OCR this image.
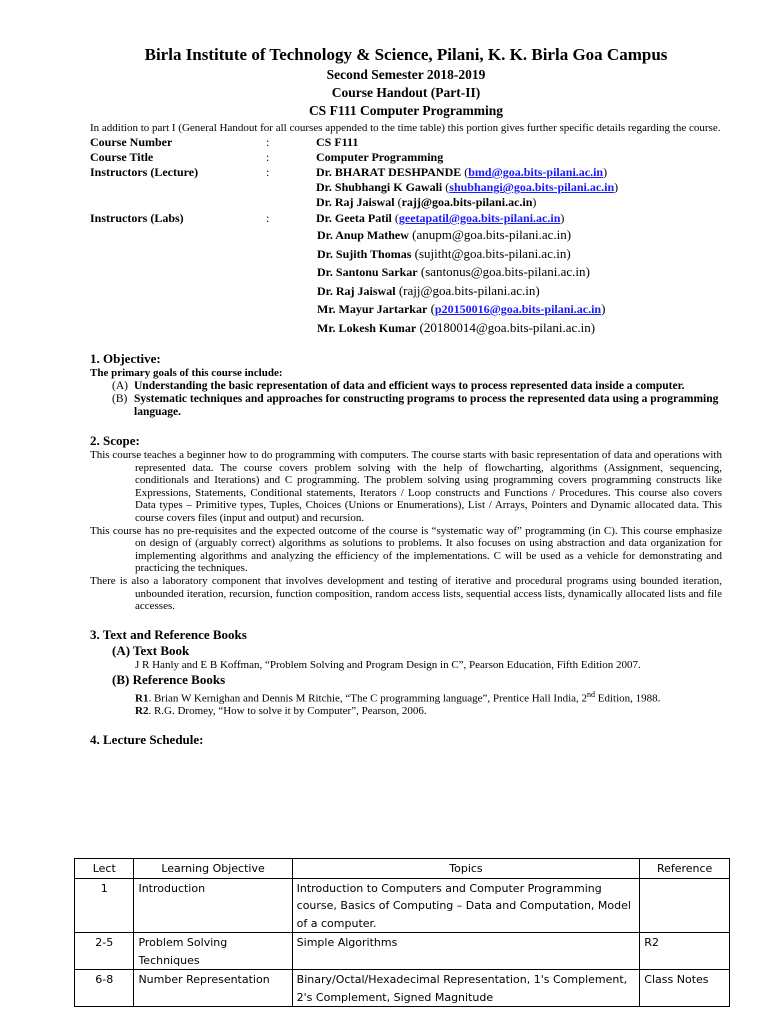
Birla Institute of Technology & Science, Pilani, K. K. Birla Goa Campus
Second Semester 2018-2019
Course Handout (Part-II)
CS F111 Computer Programming

In addition to part I (General Handout for all courses appended to the time table) this portion gives further specific details regarding the course.

Course Number	:	CS F111
Course Title	:	Computer Programming
Instructors (Lecture)	:	Dr. BHARAT DESHPANDE (bmd@goa.bits-pilani.ac.in)
Dr. Shubhangi K Gawali (shubhangi@goa.bits-pilani.ac.in)
Dr. Raj Jaiswal (rajj@goa.bits-pilani.ac.in)
Instructors (Labs)	:	Dr. Geeta Patil (geetapatil@goa.bits-pilani.ac.in)
Dr. Anup Mathew (anupm@goa.bits-pilani.ac.in)
Dr. Sujith Thomas (sujitht@goa.bits-pilani.ac.in)
Dr. Santonu Sarkar (santonus@goa.bits-pilani.ac.in)
Dr. Raj Jaiswal (rajj@goa.bits-pilani.ac.in)
Mr. Mayur Jartarkar (p20150016@goa.bits-pilani.ac.in)
Mr. Lokesh Kumar (20180014@goa.bits-pilani.ac.in)
1. Objective:
The primary goals of this course include:
(A) Understanding the basic representation of data and efficient ways to process represented data inside a computer.
(B) Systematic techniques and approaches for constructing programs to process the represented data using a programming language.
2. Scope:

This course teaches a beginner how to do programming with computers. The course starts with basic representation of data and operations with represented data. The course covers problem solving with the help of flowcharting, algorithms (Assignment, sequencing, conditionals and Iterations) and C programming. The problem solving using programming covers programming constructs like Expressions, Statements, Conditional statements, Iterators / Loop constructs and Functions / Procedures. This course also covers Data types – Primitive types, Tuples, Choices (Unions or Enumerations), List / Arrays, Pointers and Dynamic allocated data. This course covers files (input and output) and recursion.

This course has no pre-requisites and the expected outcome of the course is “systematic way of” programming (in C). This course emphasize on design of (arguably correct) algorithms as solutions to problems. It also focuses on using abstraction and data organization for implementing algorithms and analyzing the efficiency of the implementations. C will be used as a vehicle for demonstrating and practicing the techniques.

There is also a laboratory component that involves development and testing of iterative and procedural programs using bounded iteration, unbounded iteration, recursion, function composition, random access lists, sequential access lists, dynamically allocated lists and file accesses.

3. Text and Reference Books
(A) Text Book
J R Hanly and E B Koffman, “Problem Solving and Program Design in C”, Pearson Education, Fifth Edition 2007.
(B) Reference Books
R1. Brian W Kernighan and Dennis M Ritchie, “The C programming language”, Prentice Hall India, 2nd Edition, 1988.
R2. R.G. Dromey, “How to solve it by Computer”, Pearson, 2006.
4. Lecture Schedule:
Lect	Learning Objective	Topics	Reference
1	Introduction	Introduction to Computers and Computer Programming course, Basics of Computing – Data and Computation, Model of a computer.	
2-5	Problem Solving Techniques	Simple Algorithms	R2
6-8	Number Representation	Binary/Octal/Hexadecimal Representation, 1's Complement, 2's Complement, Signed Magnitude	Class Notes
